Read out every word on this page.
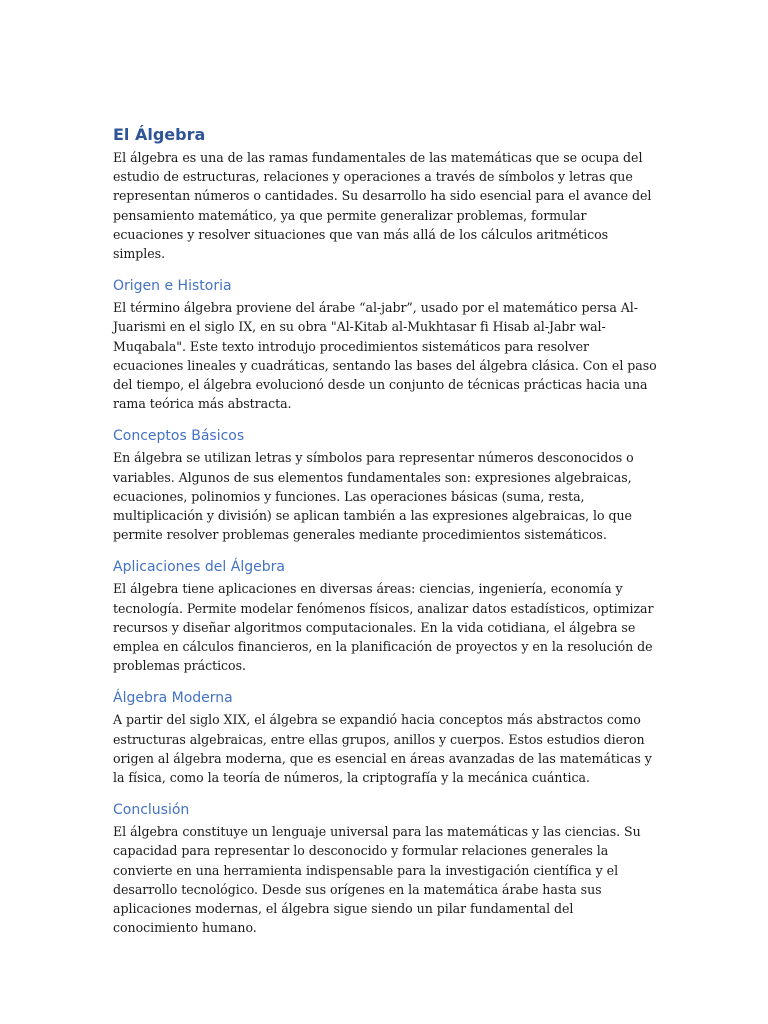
El Álgebra

El álgebra es una de las ramas fundamentales de las matemáticas que se ocupa del estudio de estructuras, relaciones y operaciones a través de símbolos y letras que representan números o cantidades. Su desarrollo ha sido esencial para el avance del pensamiento matemático, ya que permite generalizar problemas, formular ecuaciones y resolver situaciones que van más allá de los cálculos aritméticos simples.

Origen e Historia

El término álgebra proviene del árabe “al-jabr”, usado por el matemático persa Al-Juarismi en el siglo IX, en su obra "Al-Kitab al-Mukhtasar fi Hisab al-Jabr wal-Muqabala". Este texto introdujo procedimientos sistemáticos para resolver ecuaciones lineales y cuadráticas, sentando las bases del álgebra clásica. Con el paso del tiempo, el álgebra evolucionó desde un conjunto de técnicas prácticas hacia una rama teórica más abstracta.

Conceptos Básicos

En álgebra se utilizan letras y símbolos para representar números desconocidos o variables. Algunos de sus elementos fundamentales son: expresiones algebraicas, ecuaciones, polinomios y funciones. Las operaciones básicas (suma, resta, multiplicación y división) se aplican también a las expresiones algebraicas, lo que permite resolver problemas generales mediante procedimientos sistemáticos.

Aplicaciones del Álgebra

El álgebra tiene aplicaciones en diversas áreas: ciencias, ingeniería, economía y tecnología. Permite modelar fenómenos físicos, analizar datos estadísticos, optimizar recursos y diseñar algoritmos computacionales. En la vida cotidiana, el álgebra se emplea en cálculos financieros, en la planificación de proyectos y en la resolución de problemas prácticos.

Álgebra Moderna

A partir del siglo XIX, el álgebra se expandió hacia conceptos más abstractos como estructuras algebraicas, entre ellas grupos, anillos y cuerpos. Estos estudios dieron origen al álgebra moderna, que es esencial en áreas avanzadas de las matemáticas y la física, como la teoría de números, la criptografía y la mecánica cuántica.

Conclusión

El álgebra constituye un lenguaje universal para las matemáticas y las ciencias. Su capacidad para representar lo desconocido y formular relaciones generales la convierte en una herramienta indispensable para la investigación científica y el desarrollo tecnológico. Desde sus orígenes en la matemática árabe hasta sus aplicaciones modernas, el álgebra sigue siendo un pilar fundamental del conocimiento humano.
